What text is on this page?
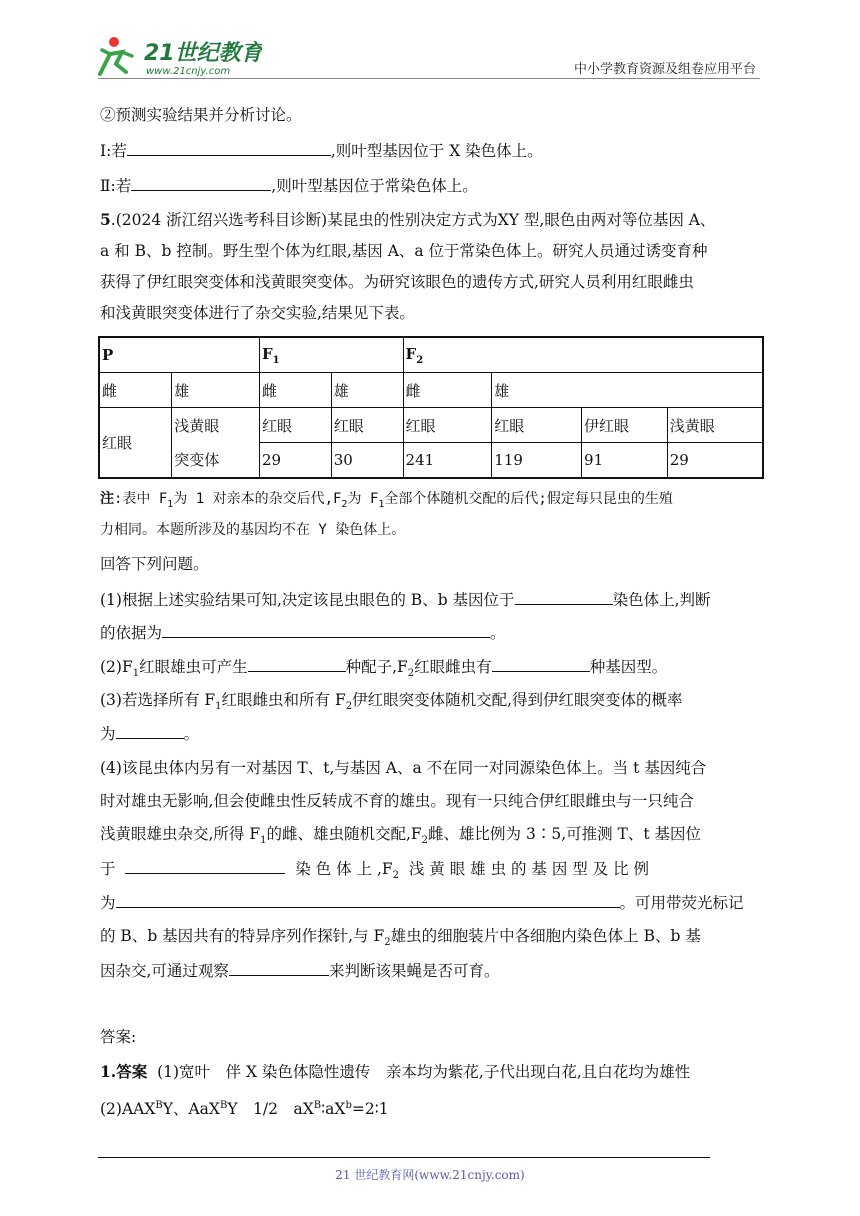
21世纪教育
www.21cnjy.com	中小学教育资源及组卷应用平台
②预测实验结果并分析讨论。
Ⅰ:若	,则叶型基因位于 X 染色体上。
Ⅱ:若	,则叶型基因位于常染色体上。
5.(2024 浙江绍兴选考科目诊断)某昆虫的性别决定方式为XY 型,眼色由两对等位基因 A、
a 和 B、b 控制。野生型个体为红眼,基因 A、a 位于常染色体上。研究人员通过诱变育种
获得了伊红眼突变体和浅黄眼突变体。为研究该眼色的遗传方式,研究人员利用红眼雌虫
和浅黄眼突变体进行了杂交实验,结果见下表。
P		$F_1$		$F_2$
雌	雄	雌	雄	雌	雄		
红眼	浅黄眼	红眼	红眼	红眼	红眼	伊红眼	浅黄眼
	突变体	29	30	241	119	91	29
注:表中 $F_1$为 1 对亲本的杂交后代$,F_2$为 $F_1$全部个体随机交配的后代;假定每只昆虫的生殖
力相同。本题所涉及的基因均不在 Y 染色体上。
回答下列问题。
(1)根据上述实验结果可知,决定该昆虫眼色的 B、b 基因位于	染色体上,判断
的依据为	。
$(2)F_1$红眼雄虫可产生	种配子$,F_2$红眼雌虫有	种基因型。
(3)若选择所有 $F_1$红眼雌虫和所有 $F_2$伊红眼突变体随机交配,得到伊红眼突变体的概率
为	。
(4)该昆虫体内另有一对基因 T、t,与基因 A、a 不在同一对同源染色体上。当 t 基因纯合
时对雄虫无影响,但会使雌虫性反转成不育的雄虫。现有一只纯合伊红眼雌虫与一只纯合
浅黄眼雄虫杂交,所得 $F_1$的雌、雄虫随机交配$,F_2$雌、雄比例为 3∶5,可推测 T、t 基因位
于	染 色 体 上 $,F_2$ 浅 黄 眼 雄 虫 的 基 因 型 及 比 例
为	。可用带荧光标记
的 B、b 基因共有的特异序列作探针,与 $F_2$雄虫的细胞装片中各细胞内染色体上 B、b 基
因杂交,可通过观察	来判断该果蝇是否可育。
答案:
1.答案 (1)宽叶　伴 X 染色体隐性遗传　亲本均为紫花,子代出现白花,且白花均为雄性
$(2)AAX^BY$、AaX$^B$Y　1/2　$aX^B∶aX^b=2∶1$
21 世纪教育网(www.21cnjy.com)
